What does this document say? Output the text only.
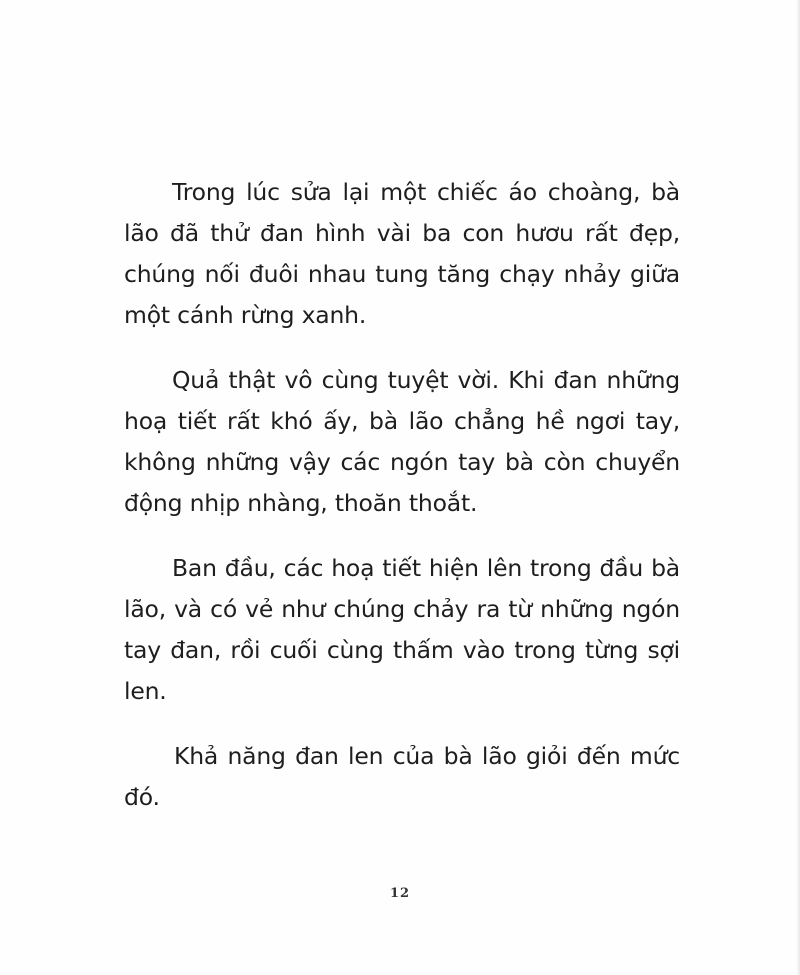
Trong lúc sửa lại một chiếc áo choàng, bà lão đã thử đan hình vài ba con hươu rất đẹp, chúng nối đuôi nhau tung tăng chạy nhảy giữa một cánh rừng xanh.

Quả thật vô cùng tuyệt vời. Khi đan những hoạ tiết rất khó ấy, bà lão chẳng hề ngơi tay, không những vậy các ngón tay bà còn chuyển động nhịp nhàng, thoăn thoắt.

Ban đầu, các hoạ tiết hiện lên trong đầu bà lão, và có vẻ như chúng chảy ra từ những ngón tay đan, rồi cuối cùng thấm vào trong từng sợi len.

Khả năng đan len của bà lão giỏi đến mức đó.

12
